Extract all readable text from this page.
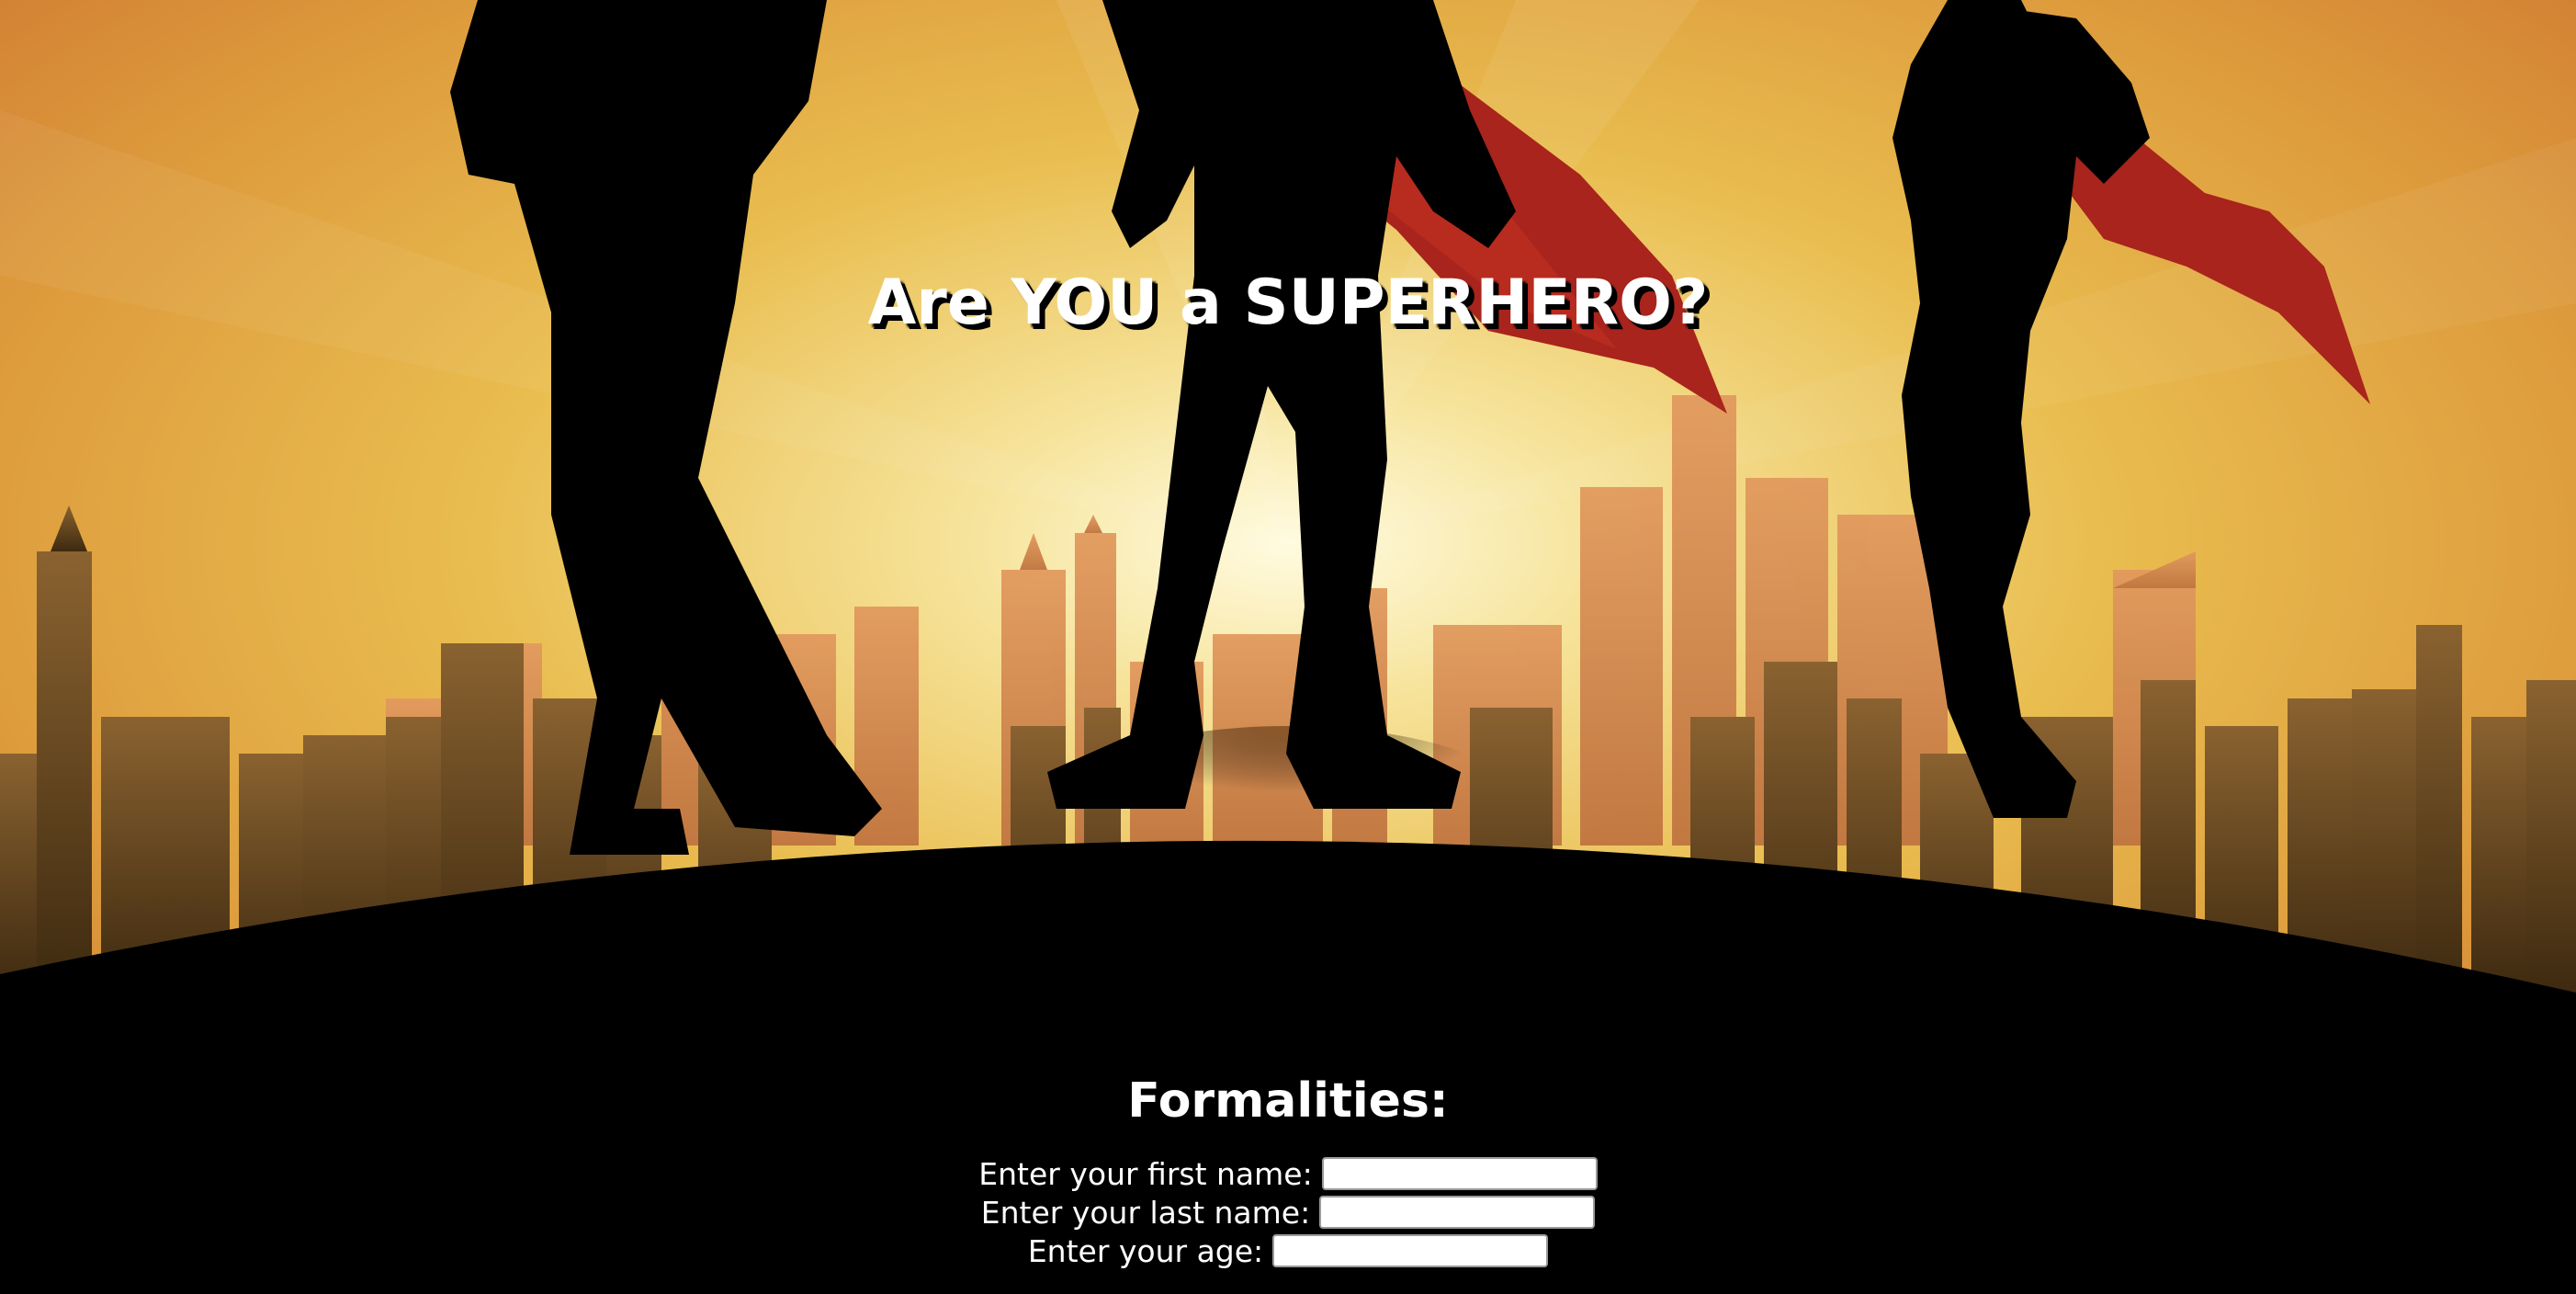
Are YOU a SUPERHERO?
Formalities:
Enter your first name:
Enter your last name:
Enter your age:
